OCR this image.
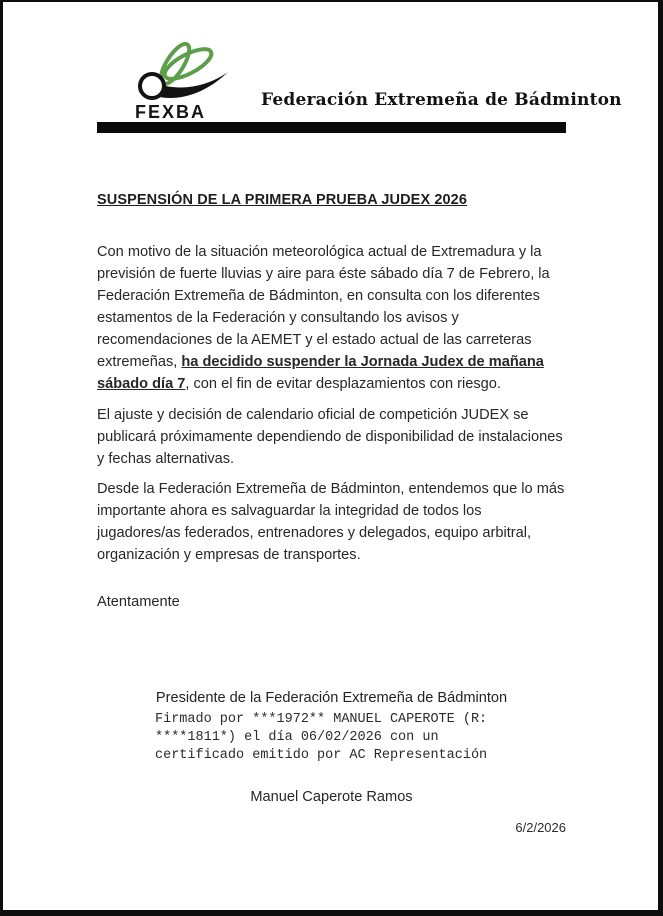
FEXBA
Federación Extremeña de Bádminton
SUSPENSIÓN DE LA PRIMERA PRUEBA JUDEX 2026

Con motivo de la situación meteorológica actual de Extremadura y la previsión de fuerte lluvias y aire para éste sábado día 7 de Febrero, la Federación Extremeña de Bádminton, en consulta con los diferentes estamentos de la Federación y consultando los avisos y recomendaciones de la AEMET y el estado actual de las carreteras extremeñas, ha decidido suspender la Jornada Judex de mañana sábado día 7, con el fin de evitar desplazamientos con riesgo.

El ajuste y decisión de calendario oficial de competición JUDEX se publicará próximamente dependiendo de disponibilidad de instalaciones y fechas alternativas.

Desde la Federación Extremeña de Bádminton, entendemos que lo más importante ahora es salvaguardar la integridad de todos los jugadores/as federados, entrenadores y delegados, equipo arbitral, organización y empresas de transportes.

Atentamente
Presidente de la Federación Extremeña de Bádminton
Firmado por ***1972** MANUEL CAPEROTE (R:
****1811*) el día 06/02/2026 con un
certificado emitido por AC Representación
Manuel Caperote Ramos
6/2/2026
